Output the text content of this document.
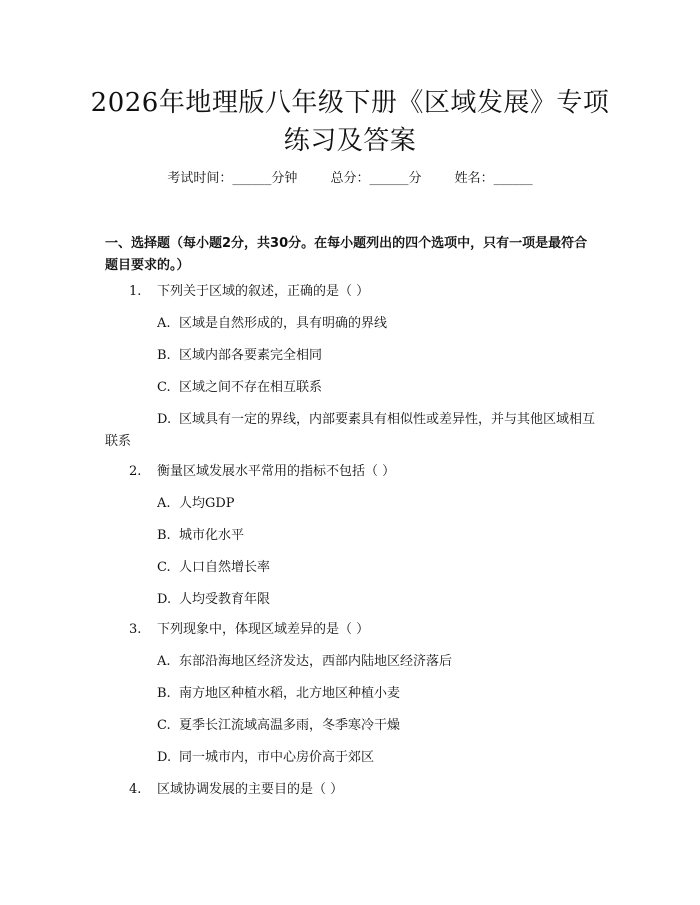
2026年地理版八年级下册《区域发展》专项练习及答案
考试时间：______分钟	总分：______分	姓名：______
一、选择题（每小题2分，共30分。在每小题列出的四个选项中，只有一项是最符合题目要求的。）
1. 下列关于区域的叙述，正确的是（ ）
A. 区域是自然形成的，具有明确的界线
B. 区域内部各要素完全相同
C. 区域之间不存在相互联系
D. 区域具有一定的界线，内部要素具有相似性或差异性，并与其他区域相互联系
2. 衡量区域发展水平常用的指标不包括（ ）
A. 人均GDP
B. 城市化水平
C. 人口自然增长率
D. 人均受教育年限
3. 下列现象中，体现区域差异的是（ ）
A. 东部沿海地区经济发达，西部内陆地区经济落后
B. 南方地区种植水稻，北方地区种植小麦
C. 夏季长江流域高温多雨，冬季寒冷干燥
D. 同一城市内，市中心房价高于郊区
4. 区域协调发展的主要目的是（ ）
